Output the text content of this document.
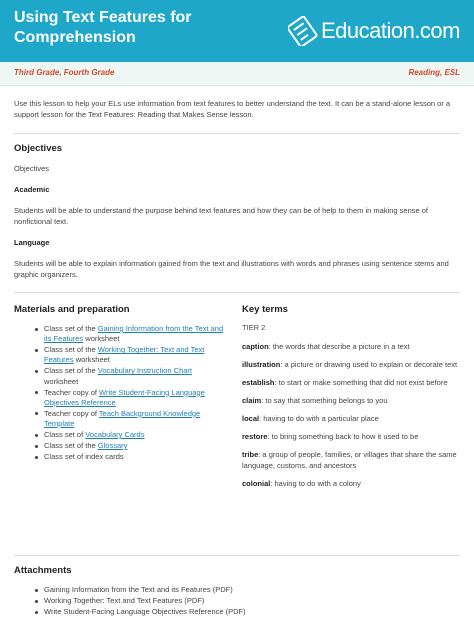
Using Text Features for
Comprehension	Education.com
Third Grade, Fourth Grade	Reading, ESL
Use this lesson to help your ELs use information from text features to better understand the text. It can be a stand-alone lesson or a support lesson for the Text Features: Reading that Makes Sense lesson.
Objectives
Objectives
Academic
Students will be able to understand the purpose behind text features and how they can be of help to them in making sense of nonfictional text.
Language
Students will be able to explain information gained from the text and illustrations with words and phrases using sentence stems and graphic organizers.
Materials and preparation
Class set of the Gaining Information from the Text and its Features worksheet
Class set of the Working Together: Text and Text Features worksheet
Class set of the Vocabulary Instruction Chart worksheet
Teacher copy of Write Student-Facing Language Objectives Reference
Teacher copy of Teach Background Knowledge Template
Class set of Vocabulary Cards
Class set of the Glossary
Class set of index cards
Key terms
TIER 2
caption: the words that describe a picture in a text
illustration: a picture or drawing used to explain or decorate text
establish: to start or make something that did not exist before
claim: to say that something belongs to you
local: having to do with a particular place
restore: to bring something back to how it used to be
tribe: a group of people, families, or villages that share the same language, customs, and ancestors
colonial: having to do with a colony
Attachments
Gaining Information from the Text and its Features (PDF)
Working Together: Text and Text Features (PDF)
Write Student-Facing Language Objectives Reference (PDF)
